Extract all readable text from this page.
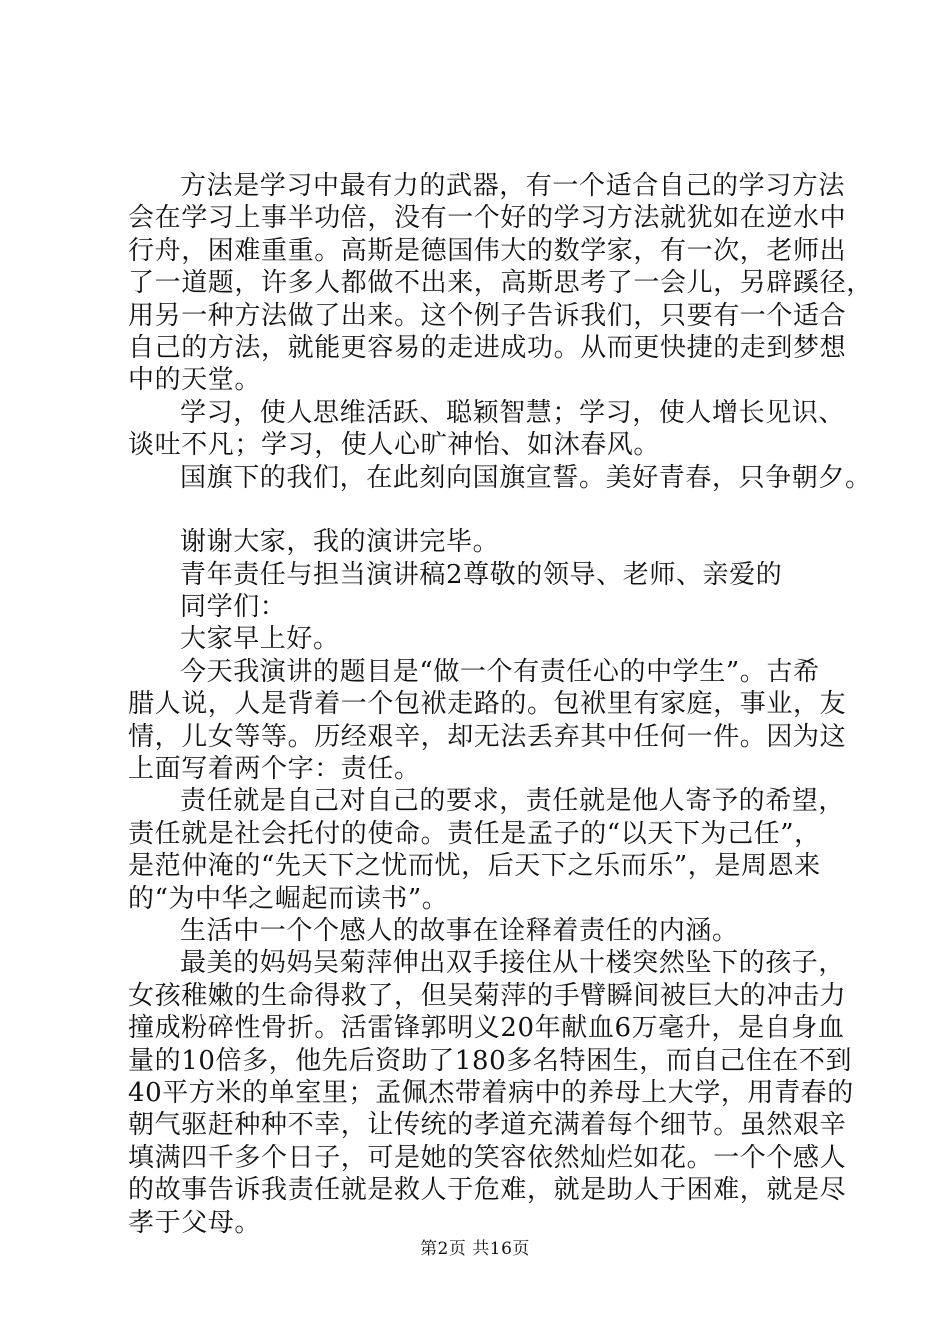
方法是学习中最有力的武器，有一个适合自己的学习方法
会在学习上事半功倍，没有一个好的学习方法就犹如在逆水中
行舟，困难重重。高斯是德国伟大的数学家，有一次，老师出
了一道题，许多人都做不出来，高斯思考了一会儿，另辟蹊径，
用另一种方法做了出来。这个例子告诉我们，只要有一个适合
自己的方法，就能更容易的走进成功。从而更快捷的走到梦想
中的天堂。
学习，使人思维活跃、聪颖智慧；学习，使人增长见识、
谈吐不凡；学习，使人心旷神怡、如沐春风。
国旗下的我们，在此刻向国旗宣誓。美好青春，只争朝夕。
谢谢大家，我的演讲完毕。
青年责任与担当演讲稿2尊敬的领导、老师、亲爱的
同学们：
大家早上好。
今天我演讲的题目是“做一个有责任心的中学生”。古希
腊人说，人是背着一个包袱走路的。包袱里有家庭，事业，友
情，儿女等等。历经艰辛，却无法丢弃其中任何一件。因为这
上面写着两个字：责任。
责任就是自己对自己的要求，责任就是他人寄予的希望，
责任就是社会托付的使命。责任是孟子的“以天下为己任”，
是范仲淹的“先天下之忧而忧，后天下之乐而乐”，是周恩来
的“为中华之崛起而读书”。
生活中一个个感人的故事在诠释着责任的内涵。
最美的妈妈吴菊萍伸出双手接住从十楼突然坠下的孩子，
女孩稚嫩的生命得救了，但吴菊萍的手臂瞬间被巨大的冲击力
撞成粉碎性骨折。活雷锋郭明义20年献血6万毫升，是自身血
量的10倍多，他先后资助了180多名特困生，而自己住在不到
40平方米的单室里；孟佩杰带着病中的养母上大学，用青春的
朝气驱赶种种不幸，让传统的孝道充满着每个细节。虽然艰辛
填满四千多个日子，可是她的笑容依然灿烂如花。一个个感人
的故事告诉我责任就是救人于危难，就是助人于困难，就是尽
孝于父母。
第2页 共16页
